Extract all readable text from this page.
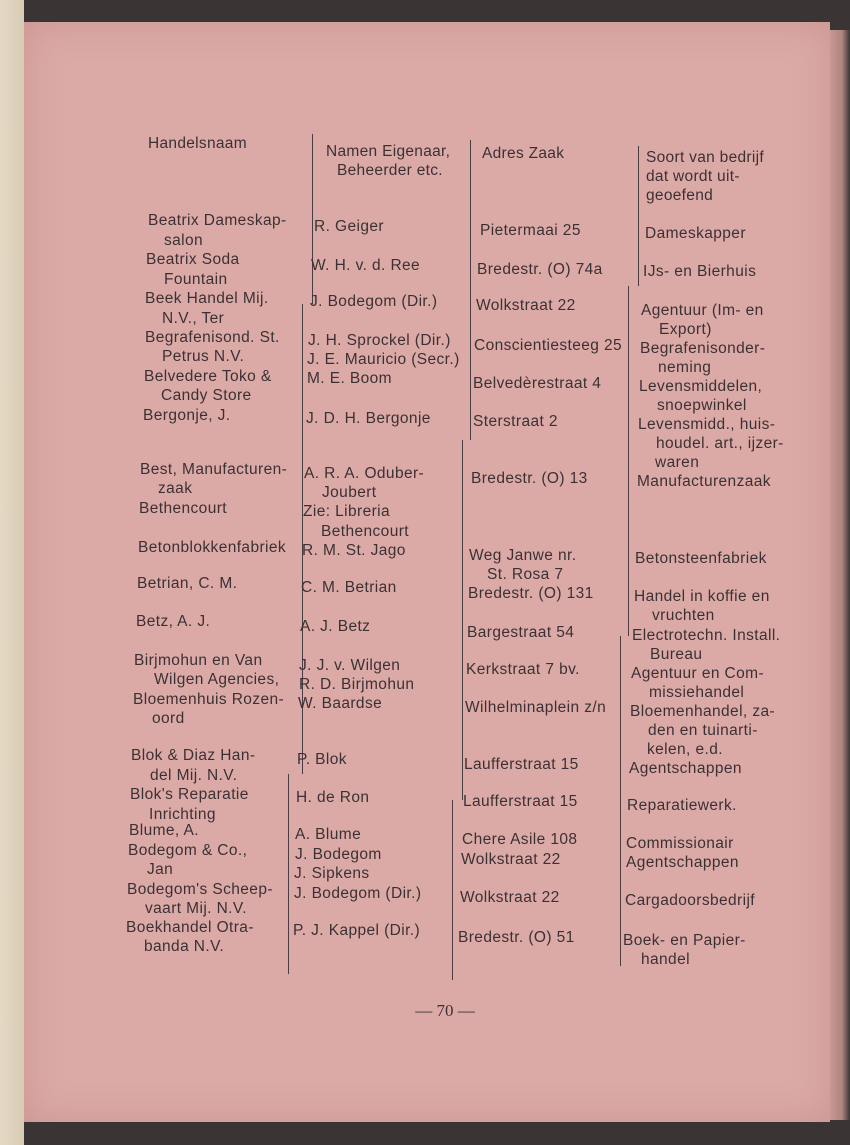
Handelsnaam	Namen Eigenaar,
Beheerder etc.
Adres Zaak	Soort van bedrijf
dat wordt uit-
geoefend
Beatrix Dameskap-
salon
Beatrix Soda
Fountain
Beek Handel Mij.
N.V., Ter
Begrafenisond. St.
Petrus N.V.
Belvedere Toko &
Candy Store
Bergonje, J.
Best, Manufacturen-
zaak
Bethencourt
Betonblokkenfabriek
Betrian, C. M.
Betz, A. J.
Birjmohun en Van
Wilgen Agencies,
Bloemenhuis Rozen-
oord
Blok & Diaz Han-
del Mij. N.V.
Blok's Reparatie
Inrichting
Blume, A.
Bodegom & Co.,
Jan
Bodegom's Scheep-
vaart Mij. N.V.
Boekhandel Otra-
banda N.V.
R. Geiger
W. H. v. d. Ree
J. Bodegom (Dir.)
J. H. Sprockel (Dir.)
J. E. Mauricio (Secr.)
M. E. Boom
J. D. H. Bergonje
A. R. A. Oduber-
Joubert
Zie: Libreria
Bethencourt
R. M. St. Jago
C. M. Betrian
A. J. Betz
J. J. v. Wilgen
R. D. Birjmohun
W. Baardse
P. Blok
H. de Ron
A. Blume
J. Bodegom
J. Sipkens
J. Bodegom (Dir.)
P. J. Kappel (Dir.)
Pietermaai 25
Bredestr. (O) 74a
Wolkstraat 22
Conscientiesteeg 25
Belvedèrestraat 4
Sterstraat 2
Bredestr. (O) 13
Weg Janwe nr.
St. Rosa 7
Bredestr. (O) 131
Bargestraat 54
Kerkstraat 7 bv.
Wilhelminaplein z/n
Laufferstraat 15
Laufferstraat 15
Chere Asile 108
Wolkstraat 22
Wolkstraat 22
Bredestr. (O) 51
Dameskapper
IJs- en Bierhuis
Agentuur (Im- en
Export)
Begrafenisonder-
neming
Levensmiddelen,
snoepwinkel
Levensmidd., huis-
houdel. art., ijzer-
waren
Manufacturenzaak
Betonsteenfabriek
Handel in koffie en
vruchten
Electrotechn. Install.
Bureau
Agentuur en Com-
missiehandel
Bloemenhandel, za-
den en tuinarti-
kelen, e.d.
Agentschappen
Reparatiewerk.
Commissionair
Agentschappen
Cargadoorsbedrijf
Boek- en Papier-
handel
— 70 —
